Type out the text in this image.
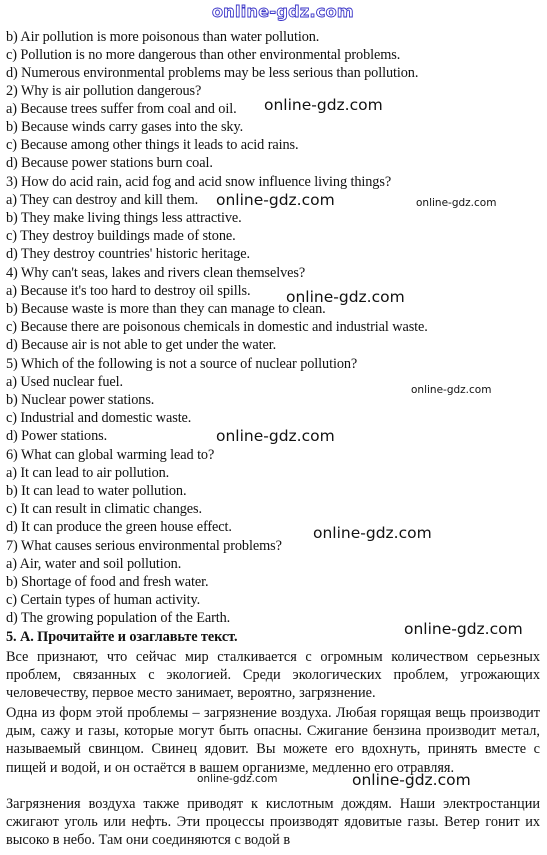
b) Air pollution is more poisonous than water pollution.
c) Pollution is no more dangerous than other environmental problems.
d) Numerous environmental problems may be less serious than pollution.
2) Why is air pollution dangerous?
a) Because trees suffer from coal and oil.
b) Because winds carry gases into the sky.
c) Because among other things it leads to acid rains.
d) Because power stations burn coal.
3) How do acid rain, acid fog and acid snow influence living things?
a) They can destroy and kill them.
b) They make living things less attractive.
c) They destroy buildings made of stone.
d) They destroy countries' historic heritage.
4) Why can't seas, lakes and rivers clean themselves?
a) Because it's too hard to destroy oil spills.
b) Because waste is more than they can manage to clean.
c) Because there are poisonous chemicals in domestic and industrial waste.
d) Because air is not able to get under the water.
5) Which of the following is not a source of nuclear pollution?
a) Used nuclear fuel.
b) Nuclear power stations.
c) Industrial and domestic waste.
d) Power stations.
6) What can global warming lead to?
a) It can lead to air pollution.
b) It can lead to water pollution.
c) It can result in climatic changes.
d) It can produce the green house effect.
7) What causes serious environmental problems?
a) Air, water and soil pollution.
b) Shortage of food and fresh water.
c) Certain types of human activity.
d) The growing population of the Earth.
5. А. Прочитайте и озаглавьте текст.
Все признают, что сейчас мир сталкивается с огромным количеством серьезных проблем, связанных с экологией. Среди экологических проблем, угрожающих человечеству, первое место занимает, вероятно, загрязнение.
Одна из форм этой проблемы – загрязнение воздуха. Любая горящая вещь производит дым, сажу и газы, которые могут быть опасны. Сжигание бензина производит метал, называемый свинцом. Свинец ядовит. Вы можете его вдохнуть, принять вместе с пищей и водой, и он остаётся в вашем организме, медленно его отравляя.
Загрязнения воздуха также приводят к кислотным дождям. Наши электростанции сжигают уголь или нефть. Эти процессы производят ядовитые газы. Ветер гонит их высоко в небо. Там они соединяются с водой в
online-gdz.com
online-gdz.com
online-gdz.com	online-gdz.com
online-gdz.com
online-gdz.com
online-gdz.com
online-gdz.com
online-gdz.com
online-gdz.com	online-gdz.com
